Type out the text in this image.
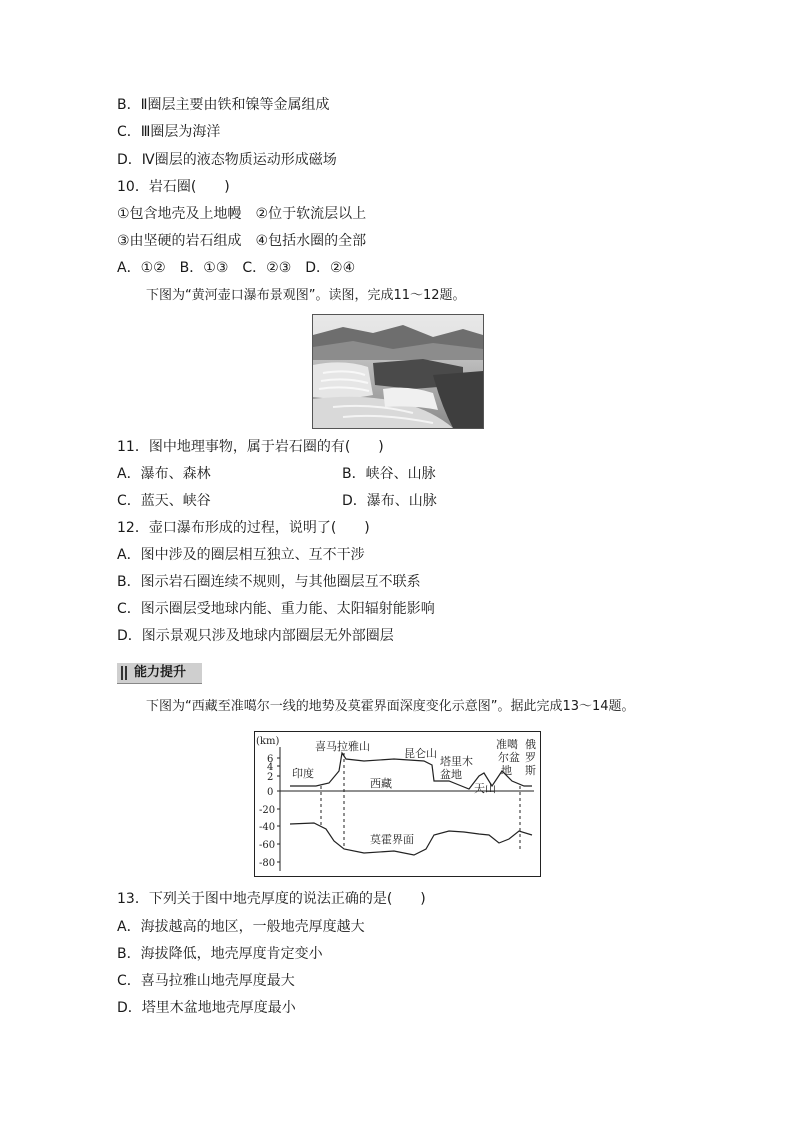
B．Ⅱ圈层主要由铁和镍等金属组成
C．Ⅲ圈层为海洋
D．Ⅳ圈层的液态物质运动形成磁场
10．岩石圈(　　)
①包含地壳及上地幔　②位于软流层以上
③由坚硬的岩石组成　④包括水圈的全部
A．①②　B．①③　C．②③　D．②④
下图为“黄河壶口瀑布景观图”。读图，完成11～12题。
11．图中地理事物，属于岩石圈的有(　　)
A．瀑布、森林	B．峡谷、山脉
C．蓝天、峡谷	D．瀑布、山脉
12．壶口瀑布形成的过程，说明了(　　)
A．图中涉及的圈层相互独立、互不干涉
B．图示岩石圈连续不规则，与其他圈层互不联系
C．图示圈层受地球内能、重力能、太阳辐射能影响
D．图示景观只涉及地球内部圈层无外部圈层
能力提升
下图为“西藏至准噶尔一线的地势及莫霍界面深度变化示意图”。据此完成13～14题。
(km)
6
4
2
0
-20
-40
-60
-80
喜马拉雅山
昆仑山
塔里木
盆地
印度
西藏	天山
准噶
尔盆
地
俄
罗
斯
莫霍界面
13．下列关于图中地壳厚度的说法正确的是(　　)
A．海拔越高的地区，一般地壳厚度越大
B．海拔降低，地壳厚度肯定变小
C．喜马拉雅山地壳厚度最大
D．塔里木盆地地壳厚度最小
